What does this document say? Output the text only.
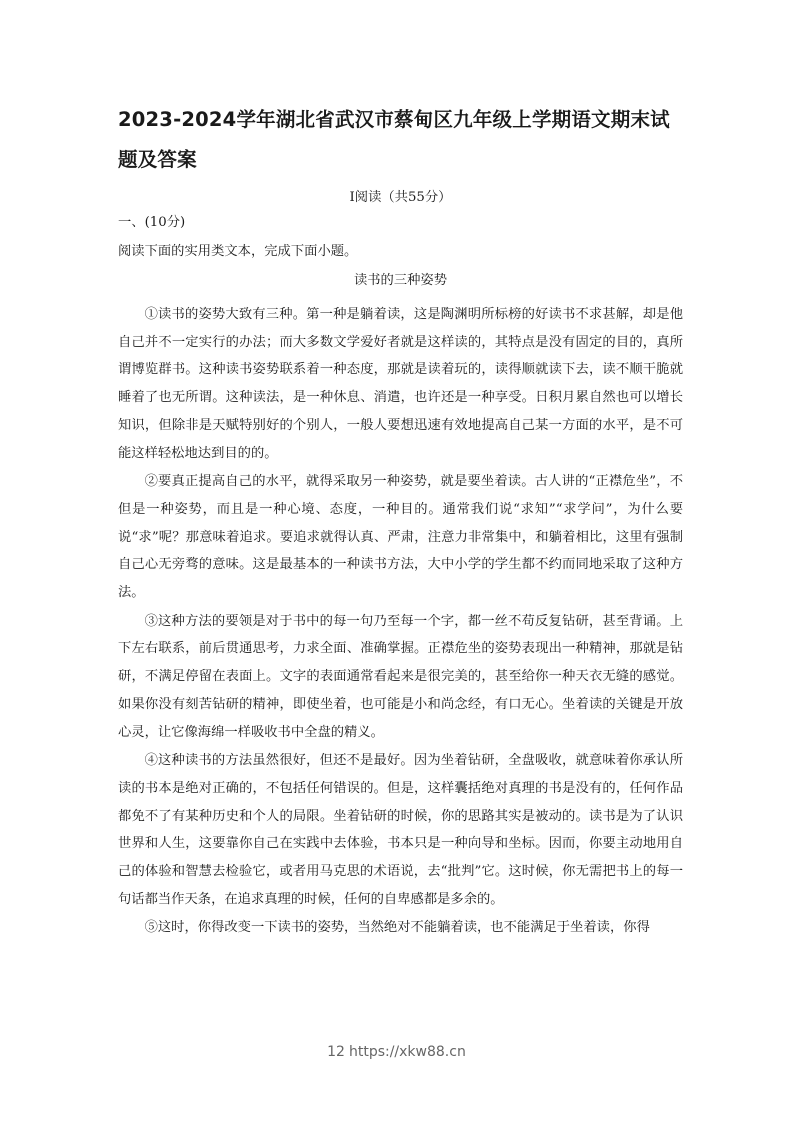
2023-2024学年湖北省武汉市蔡甸区九年级上学期语文期末试题及答案
Ⅰ阅读（共55分）
一、(10分)
阅读下面的实用类文本，完成下面小题。
读书的三种姿势

①读书的姿势大致有三种。第一种是躺着读，这是陶渊明所标榜的好读书不求甚解，却是他自己并不一定实行的办法；而大多数文学爱好者就是这样读的，其特点是没有固定的目的，真所谓博览群书。这种读书姿势联系着一种态度，那就是读着玩的，读得顺就读下去，读不顺干脆就睡着了也无所谓。这种读法，是一种休息、消遣，也许还是一种享受。日积月累自然也可以增长知识，但除非是天赋特别好的个别人，一般人要想迅速有效地提高自己某一方面的水平，是不可能这样轻松地达到目的的。

②要真正提高自己的水平，就得采取另一种姿势，就是要坐着读。古人讲的“正襟危坐”，不但是一种姿势，而且是一种心境、态度，一种目的。通常我们说“求知”“求学问”，为什么要说“求”呢？那意味着追求。要追求就得认真、严肃，注意力非常集中，和躺着相比，这里有强制自己心无旁骛的意味。这是最基本的一种读书方法，大中小学的学生都不约而同地采取了这种方法。

③这种方法的要领是对于书中的每一句乃至每一个字，都一丝不苟反复钻研，甚至背诵。上下左右联系，前后贯通思考，力求全面、准确掌握。正襟危坐的姿势表现出一种精神，那就是钻研，不满足停留在表面上。文字的表面通常看起来是很完美的，甚至给你一种天衣无缝的感觉。如果你没有刻苦钻研的精神，即使坐着，也可能是小和尚念经，有口无心。坐着读的关键是开放心灵，让它像海绵一样吸收书中全盘的精义。

④这种读书的方法虽然很好，但还不是最好。因为坐着钻研，全盘吸收，就意味着你承认所读的书本是绝对正确的，不包括任何错误的。但是，这样囊括绝对真理的书是没有的，任何作品都免不了有某种历史和个人的局限。坐着钻研的时候，你的思路其实是被动的。读书是为了认识世界和人生，这要靠你自己在实践中去体验，书本只是一种向导和坐标。因而，你要主动地用自己的体验和智慧去检验它，或者用马克思的术语说，去“批判”它。这时候，你无需把书上的每一句话都当作天条，在追求真理的时候，任何的自卑感都是多余的。

⑤这时，你得改变一下读书的姿势，当然绝对不能躺着读，也不能满足于坐着读，你得

12 https://xkw88.cn
